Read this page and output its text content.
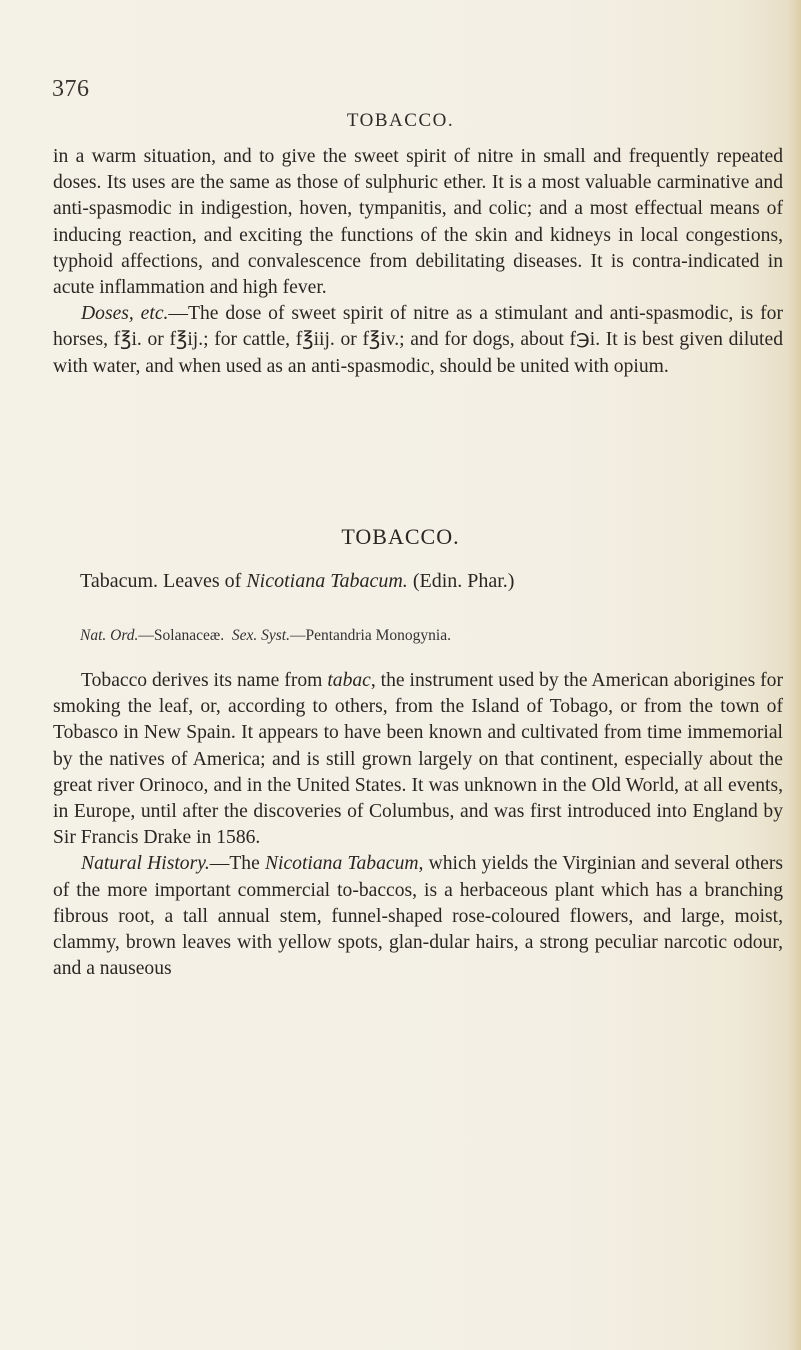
376
TOBACCO.

in a warm situation, and to give the sweet spirit of nitre in small and frequently repeated doses. Its uses are the same as those of sulphuric ether. It is a most valuable carminative and anti-spasmodic in indigestion, hoven, tympanitis, and colic; and a most effectual means of inducing reaction, and exciting the functions of the skin and kidneys in local congestions, typhoid affections, and convalescence from debilitating diseases. It is contra-indicated in acute inflammation and high fever.

Doses, etc.—The dose of sweet spirit of nitre as a stimulant and anti-spasmodic, is for horses, f℥i. or f℥ij.; for cattle, f℥iij. or f℥iv.; and for dogs, about f℈i. It is best given diluted with water, and when used as an anti-spasmodic, should be united with opium.

TOBACCO.
Tabacum. Leaves of Nicotiana Tabacum. (Edin. Phar.)
Nat. Ord.—Solanaceæ. Sex. Syst.—Pentandria Monogynia.

Tobacco derives its name from tabac, the instrument used by the American aborigines for smoking the leaf, or, according to others, from the Island of Tobago, or from the town of Tobasco in New Spain. It appears to have been known and cultivated from time immemorial by the natives of America; and is still grown largely on that continent, especially about the great river Orinoco, and in the United States. It was unknown in the Old World, at all events, in Europe, until after the discoveries of Columbus, and was first introduced into England by Sir Francis Drake in 1586.

Natural History.—The Nicotiana Tabacum, which yields the Virginian and several others of the more important commercial to-baccos, is a herbaceous plant which has a branching fibrous root, a tall annual stem, funnel-shaped rose-coloured flowers, and large, moist, clammy, brown leaves with yellow spots, glan-dular hairs, a strong peculiar narcotic odour, and a nauseous
